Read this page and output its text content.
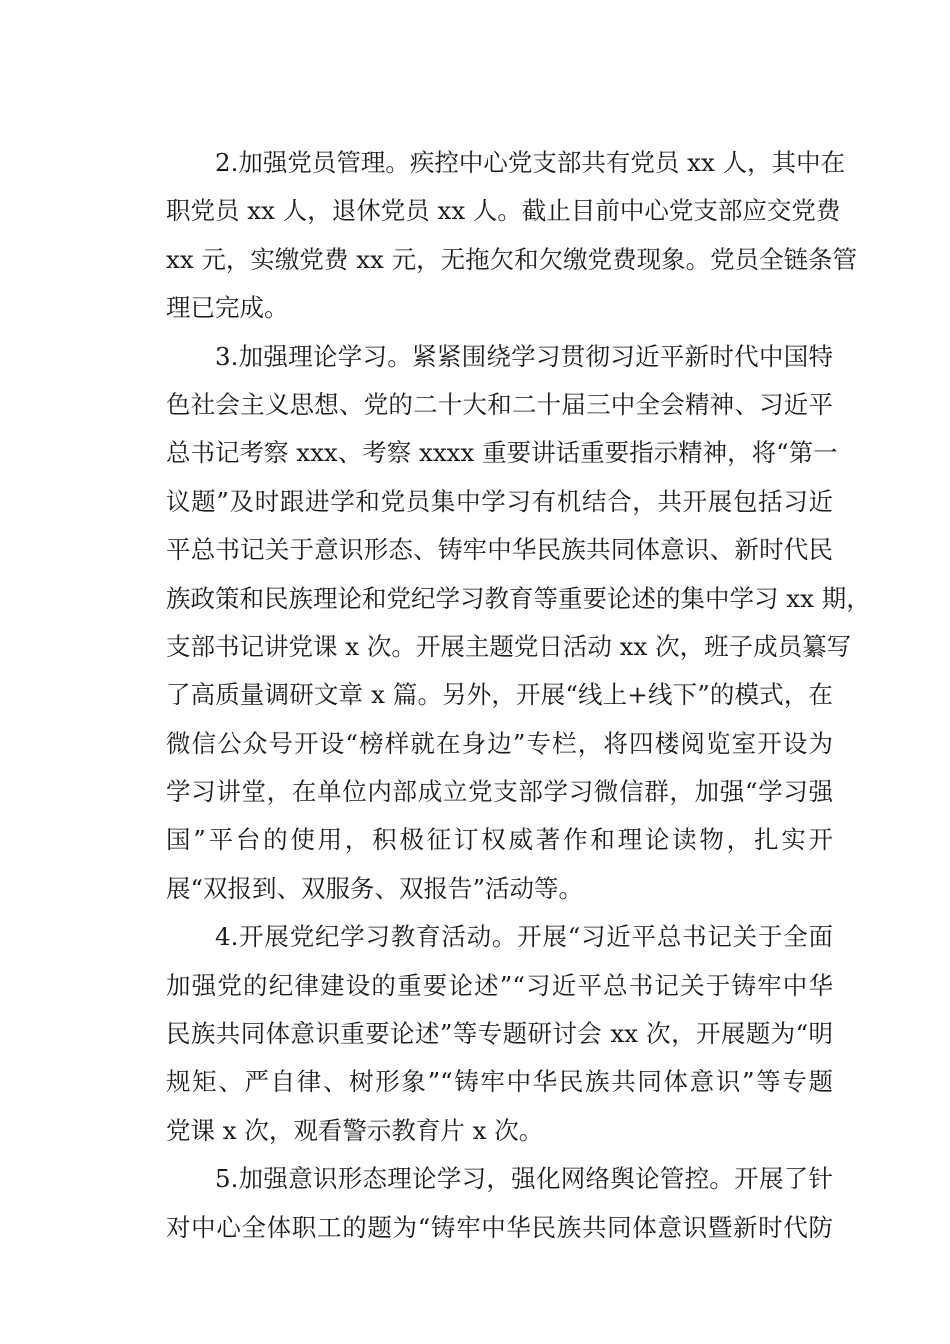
2.加强党员管理。疾控中心党支部共有党员 xx 人，其中在
职党员 xx 人，退休党员 xx 人。截止目前中心党支部应交党费
xx 元，实缴党费 xx 元，无拖欠和欠缴党费现象。党员全链条管
理已完成。
3.加强理论学习。紧紧围绕学习贯彻习近平新时代中国特
色社会主义思想、党的二十大和二十届三中全会精神、习近平
总书记考察 xxx、考察 xxxx 重要讲话重要指示精神，将“第一
议题”及时跟进学和党员集中学习有机结合，共开展包括习近
平总书记关于意识形态、铸牢中华民族共同体意识、新时代民
族政策和民族理论和党纪学习教育等重要论述的集中学习 xx 期，
支部书记讲党课 x 次。开展主题党日活动 xx 次，班子成员纂写
了高质量调研文章 x 篇。另外，开展“线上+线下”的模式，在
微信公众号开设“榜样就在身边”专栏，将四楼阅览室开设为
学习讲堂，在单位内部成立党支部学习微信群，加强“学习强
国”平台的使用，积极征订权威著作和理论读物，扎实开
展“双报到、双服务、双报告”活动等。
4.开展党纪学习教育活动。开展“习近平总书记关于全面
加强党的纪律建设的重要论述”“习近平总书记关于铸牢中华
民族共同体意识重要论述”等专题研讨会 xx 次，开展题为“明
规矩、严自律、树形象”“铸牢中华民族共同体意识”等专题
党课 x 次，观看警示教育片 x 次。
5.加强意识形态理论学习，强化网络舆论管控。开展了针
对中心全体职工的题为“铸牢中华民族共同体意识暨新时代防
